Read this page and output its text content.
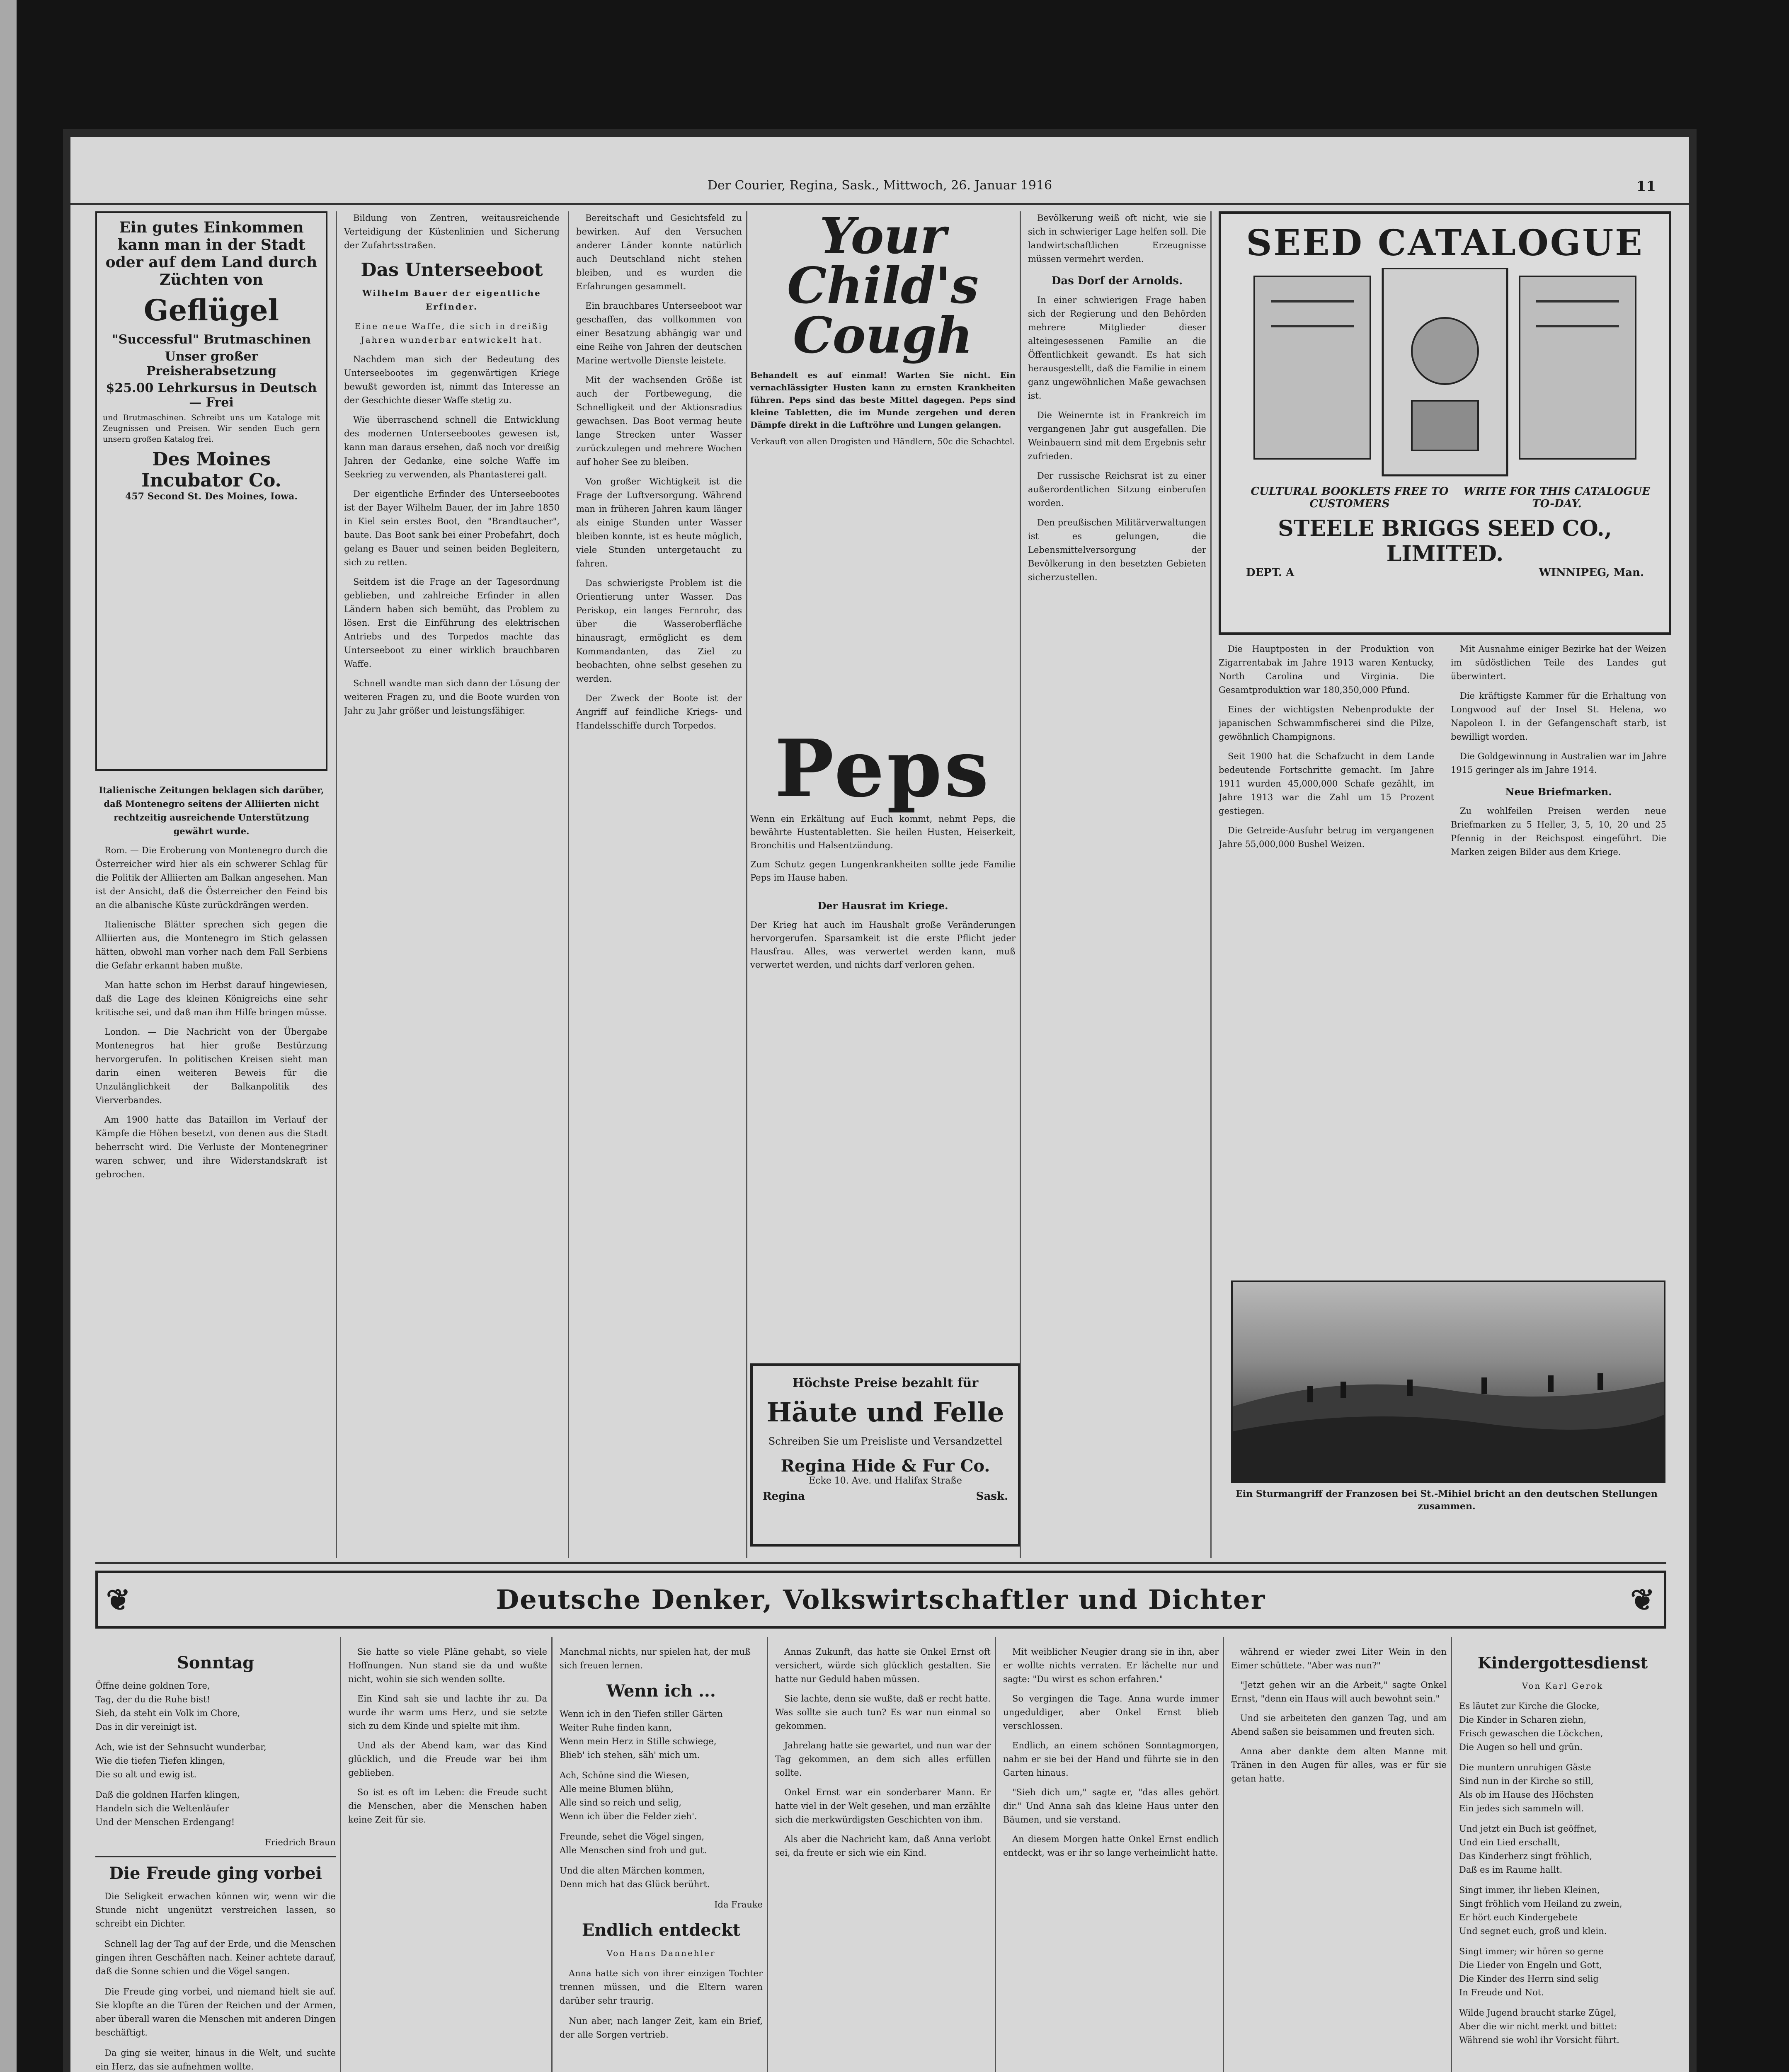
Der Courier, Regina, Sask., Mittwoch, 26. Januar 1916	11
Ein gutes Einkommen kann man in der Stadt oder auf dem Land durch Züchten von
Geflügel
"Successful" Brutmaschinen
Unser großer Preisherabsetzung
$25.00 Lehrkursus in Deutsch — Frei
und Brutmaschinen. Schreibt uns um Kataloge mit Zeugnissen und Preisen. Wir senden Euch gern unsern großen Katalog frei.
Des Moines Incubator Co.
457 Second St. Des Moines, Iowa.

Italienische Zeitungen beklagen sich darüber, daß Montenegro seitens der Alliierten nicht rechtzeitig ausreichende Unterstützung gewährt wurde.

Rom. — Die Eroberung von Montenegro durch die Österreicher wird hier als ein schwerer Schlag für die Politik der Alliierten am Balkan angesehen. Man ist der Ansicht, daß die Österreicher den Feind bis an die albanische Küste zurückdrängen werden.

Italienische Blätter sprechen sich gegen die Alliierten aus, die Montenegro im Stich gelassen hätten, obwohl man vorher nach dem Fall Serbiens die Gefahr erkannt haben mußte.

Man hatte schon im Herbst darauf hingewiesen, daß die Lage des kleinen Königreichs eine sehr kritische sei, und daß man ihm Hilfe bringen müsse.

London. — Die Nachricht von der Übergabe Montenegros hat hier große Bestürzung hervorgerufen. In politischen Kreisen sieht man darin einen weiteren Beweis für die Unzulänglichkeit der Balkanpolitik des Vierverbandes.

Am 1900 hatte das Bataillon im Verlauf der Kämpfe die Höhen besetzt, von denen aus die Stadt beherrscht wird. Die Verluste der Montenegriner waren schwer, und ihre Widerstandskraft ist gebrochen.

Bildung von Zentren, weitausreichende Verteidigung der Küstenlinien und Sicherung der Zufahrtsstraßen.

Das Unterseeboot

Wilhelm Bauer der eigentliche Erfinder.

Eine neue Waffe, die sich in dreißig Jahren wunderbar entwickelt hat.

Nachdem man sich der Bedeutung des Unterseebootes im gegenwärtigen Kriege bewußt geworden ist, nimmt das Interesse an der Geschichte dieser Waffe stetig zu.

Wie überraschend schnell die Entwicklung des modernen Unterseebootes gewesen ist, kann man daraus ersehen, daß noch vor dreißig Jahren der Gedanke, eine solche Waffe im Seekrieg zu verwenden, als Phantasterei galt.

Der eigentliche Erfinder des Unterseebootes ist der Bayer Wilhelm Bauer, der im Jahre 1850 in Kiel sein erstes Boot, den "Brandtaucher", baute. Das Boot sank bei einer Probefahrt, doch gelang es Bauer und seinen beiden Begleitern, sich zu retten.

Seitdem ist die Frage an der Tagesordnung geblieben, und zahlreiche Erfinder in allen Ländern haben sich bemüht, das Problem zu lösen. Erst die Einführung des elektrischen Antriebs und des Torpedos machte das Unterseeboot zu einer wirklich brauchbaren Waffe.

Schnell wandte man sich dann der Lösung der weiteren Fragen zu, und die Boote wurden von Jahr zu Jahr größer und leistungsfähiger.

Bereitschaft und Gesichtsfeld zu bewirken. Auf den Versuchen anderer Länder konnte natürlich auch Deutschland nicht stehen bleiben, und es wurden die Erfahrungen gesammelt.

Ein brauchbares Unterseeboot war geschaffen, das vollkommen von einer Besatzung abhängig war und eine Reihe von Jahren der deutschen Marine wertvolle Dienste leistete.

Mit der wachsenden Größe ist auch der Fortbewegung, die Schnelligkeit und der Aktionsradius gewachsen. Das Boot vermag heute lange Strecken unter Wasser zurückzulegen und mehrere Wochen auf hoher See zu bleiben.

Von großer Wichtigkeit ist die Frage der Luftversorgung. Während man in früheren Jahren kaum länger als einige Stunden unter Wasser bleiben konnte, ist es heute möglich, viele Stunden untergetaucht zu fahren.

Das schwierigste Problem ist die Orientierung unter Wasser. Das Periskop, ein langes Fernrohr, das über die Wasseroberfläche hinausragt, ermöglicht es dem Kommandanten, das Ziel zu beobachten, ohne selbst gesehen zu werden.

Der Zweck der Boote ist der Angriff auf feindliche Kriegs- und Handelsschiffe durch Torpedos.

Your
Child's
Cough
Behandelt es auf einmal! Warten Sie nicht. Ein vernachlässigter Husten kann zu ernsten Krankheiten führen. Peps sind das beste Mittel dagegen. Peps sind kleine Tabletten, die im Munde zergehen und deren Dämpfe direkt in die Luftröhre und Lungen gelangen.
Verkauft von allen Drogisten und Händlern, 50c die Schachtel.
Peps
Wenn ein Erkältung auf Euch kommt, nehmt Peps, die bewährte Hustentabletten. Sie heilen Husten, Heiserkeit, Bronchitis und Halsentzündung.
Zum Schutz gegen Lungenkrankheiten sollte jede Familie Peps im Hause haben.
Der Hausrat im Kriege.
Der Krieg hat auch im Haushalt große Veränderungen hervorgerufen. Sparsamkeit ist die erste Pflicht jeder Hausfrau. Alles, was verwertet werden kann, muß verwertet werden, und nichts darf verloren gehen.
Höchste Preise bezahlt für
Häute und Felle
Schreiben Sie um Preisliste und Versandzettel
Regina Hide & Fur Co.
Ecke 10. Ave. und Halifax Straße
Regina	Sask.

Bevölkerung weiß oft nicht, wie sie sich in schwieriger Lage helfen soll. Die landwirtschaftlichen Erzeugnisse müssen vermehrt werden.

Das Dorf der Arnolds.

In einer schwierigen Frage haben sich der Regierung und den Behörden mehrere Mitglieder dieser alteingesessenen Familie an die Öffentlichkeit gewandt. Es hat sich herausgestellt, daß die Familie in einem ganz ungewöhnlichen Maße gewachsen ist.

Die Weinernte ist in Frankreich im vergangenen Jahr gut ausgefallen. Die Weinbauern sind mit dem Ergebnis sehr zufrieden.

Der russische Reichsrat ist zu einer außerordentlichen Sitzung einberufen worden.

Den preußischen Militärverwaltungen ist es gelungen, die Lebensmittelversorgung der Bevölkerung in den besetzten Gebieten sicherzustellen.

SEED CATALOGUE
CULTURAL BOOKLETS FREE TO CUSTOMERS
WRITE FOR THIS CATALOGUE TO-DAY.
STEELE BRIGGS SEED CO., LIMITED.
DEPT. A	WINNIPEG, Man.

Die Hauptposten in der Produktion von Zigarrentabak im Jahre 1913 waren Kentucky, North Carolina und Virginia. Die Gesamtproduktion war 180,350,000 Pfund.

Eines der wichtigsten Nebenprodukte der japanischen Schwammfischerei sind die Pilze, gewöhnlich Champignons.

Seit 1900 hat die Schafzucht in dem Lande bedeutende Fortschritte gemacht. Im Jahre 1911 wurden 45,000,000 Schafe gezählt, im Jahre 1913 war die Zahl um 15 Prozent gestiegen.

Die Getreide-Ausfuhr betrug im vergangenen Jahre 55,000,000 Bushel Weizen.

Mit Ausnahme einiger Bezirke hat der Weizen im südöstlichen Teile des Landes gut überwintert.

Die kräftigste Kammer für die Erhaltung von Longwood auf der Insel St. Helena, wo Napoleon I. in der Gefangenschaft starb, ist bewilligt worden.

Die Goldgewinnung in Australien war im Jahre 1915 geringer als im Jahre 1914.

Neue Briefmarken.

Zu wohlfeilen Preisen werden neue Briefmarken zu 5 Heller, 3, 5, 10, 20 und 25 Pfennig in der Reichspost eingeführt. Die Marken zeigen Bilder aus dem Kriege.

Ein Sturmangriff der Franzosen bei St.-Mihiel bricht an den deutschen Stellungen zusammen.
❦	Deutsche Denker, Volkswirtschaftler und Dichter	❦
Sonntag

Öffne deine goldnen Tore,
Tag, der du die Ruhe bist!
Sieh, da steht ein Volk im Chore,
Das in dir vereinigt ist.

Ach, wie ist der Sehnsucht wunderbar,
Wie die tiefen Tiefen klingen,
Die so alt und ewig ist.

Daß die goldnen Harfen klingen,
Handeln sich die Weltenläufer
Und der Menschen Erdengang!

Friedrich Braun

Die Freude ging vorbei

Die Seligkeit erwachen können wir, wenn wir die Stunde nicht ungenützt verstreichen lassen, so schreibt ein Dichter.

Schnell lag der Tag auf der Erde, und die Menschen gingen ihren Geschäften nach. Keiner achtete darauf, daß die Sonne schien und die Vögel sangen.

Die Freude ging vorbei, und niemand hielt sie auf. Sie klopfte an die Türen der Reichen und der Armen, aber überall waren die Menschen mit anderen Dingen beschäftigt.

Da ging sie weiter, hinaus in die Welt, und suchte ein Herz, das sie aufnehmen wollte.

Sie hatte so viele Pläne gehabt, so viele Hoffnungen. Nun stand sie da und wußte nicht, wohin sie sich wenden sollte.

Ein Kind sah sie und lachte ihr zu. Da wurde ihr warm ums Herz, und sie setzte sich zu dem Kinde und spielte mit ihm.

Und als der Abend kam, war das Kind glücklich, und die Freude war bei ihm geblieben.

So ist es oft im Leben: die Freude sucht die Menschen, aber die Menschen haben keine Zeit für sie.

Manchmal nichts, nur spielen hat, der muß sich freuen lernen.

Wenn ich ...

Wenn ich in den Tiefen stiller Gärten
Weiter Ruhe finden kann,
Wenn mein Herz in Stille schwiege,
Blieb' ich stehen, säh' mich um.

Ach, Schöne sind die Wiesen,
Alle meine Blumen blühn,
Alle sind so reich und selig,
Wenn ich über die Felder zieh'.

Freunde, sehet die Vögel singen,
Alle Menschen sind froh und gut.

Und die alten Märchen kommen,
Denn mich hat das Glück berührt.

Ida Frauke

Endlich entdeckt

Von Hans Dannehler

Anna hatte sich von ihrer einzigen Tochter trennen müssen, und die Eltern waren darüber sehr traurig.

Nun aber, nach langer Zeit, kam ein Brief, der alle Sorgen vertrieb.

Annas Zukunft, das hatte sie Onkel Ernst oft versichert, würde sich glücklich gestalten. Sie hatte nur Geduld haben müssen.

Sie lachte, denn sie wußte, daß er recht hatte. Was sollte sie auch tun? Es war nun einmal so gekommen.

Jahrelang hatte sie gewartet, und nun war der Tag gekommen, an dem sich alles erfüllen sollte.

Onkel Ernst war ein sonderbarer Mann. Er hatte viel in der Welt gesehen, und man erzählte sich die merkwürdigsten Geschichten von ihm.

Als aber die Nachricht kam, daß Anna verlobt sei, da freute er sich wie ein Kind.

Mit weiblicher Neugier drang sie in ihn, aber er wollte nichts verraten. Er lächelte nur und sagte: "Du wirst es schon erfahren."

So vergingen die Tage. Anna wurde immer ungeduldiger, aber Onkel Ernst blieb verschlossen.

Endlich, an einem schönen Sonntagmorgen, nahm er sie bei der Hand und führte sie in den Garten hinaus.

"Sieh dich um," sagte er, "das alles gehört dir." Und Anna sah das kleine Haus unter den Bäumen, und sie verstand.

An diesem Morgen hatte Onkel Ernst endlich entdeckt, was er ihr so lange verheimlicht hatte.

während er wieder zwei Liter Wein in den Eimer schüttete. "Aber was nun?"

"Jetzt gehen wir an die Arbeit," sagte Onkel Ernst, "denn ein Haus will auch bewohnt sein."

Und sie arbeiteten den ganzen Tag, und am Abend saßen sie beisammen und freuten sich.

Anna aber dankte dem alten Manne mit Tränen in den Augen für alles, was er für sie getan hatte.

Kindergottesdienst

Von Karl Gerok

Es läutet zur Kirche die Glocke,
Die Kinder in Scharen ziehn,
Frisch gewaschen die Löckchen,
Die Augen so hell und grün.

Die muntern unruhigen Gäste
Sind nun in der Kirche so still,
Als ob im Hause des Höchsten
Ein jedes sich sammeln will.

Und jetzt ein Buch ist geöffnet,
Und ein Lied erschallt,
Das Kinderherz singt fröhlich,
Daß es im Raume hallt.

Singt immer, ihr lieben Kleinen,
Singt fröhlich vom Heiland zu zwein,
Er hört euch Kindergebete
Und segnet euch, groß und klein.

Singt immer; wir hören so gerne
Die Lieder von Engeln und Gott,
Die Kinder des Herrn sind selig
In Freude und Not.

Wilde Jugend braucht starke Zügel,
Aber die wir nicht merkt und bittet:
Während sie wohl ihr Vorsicht führt.
